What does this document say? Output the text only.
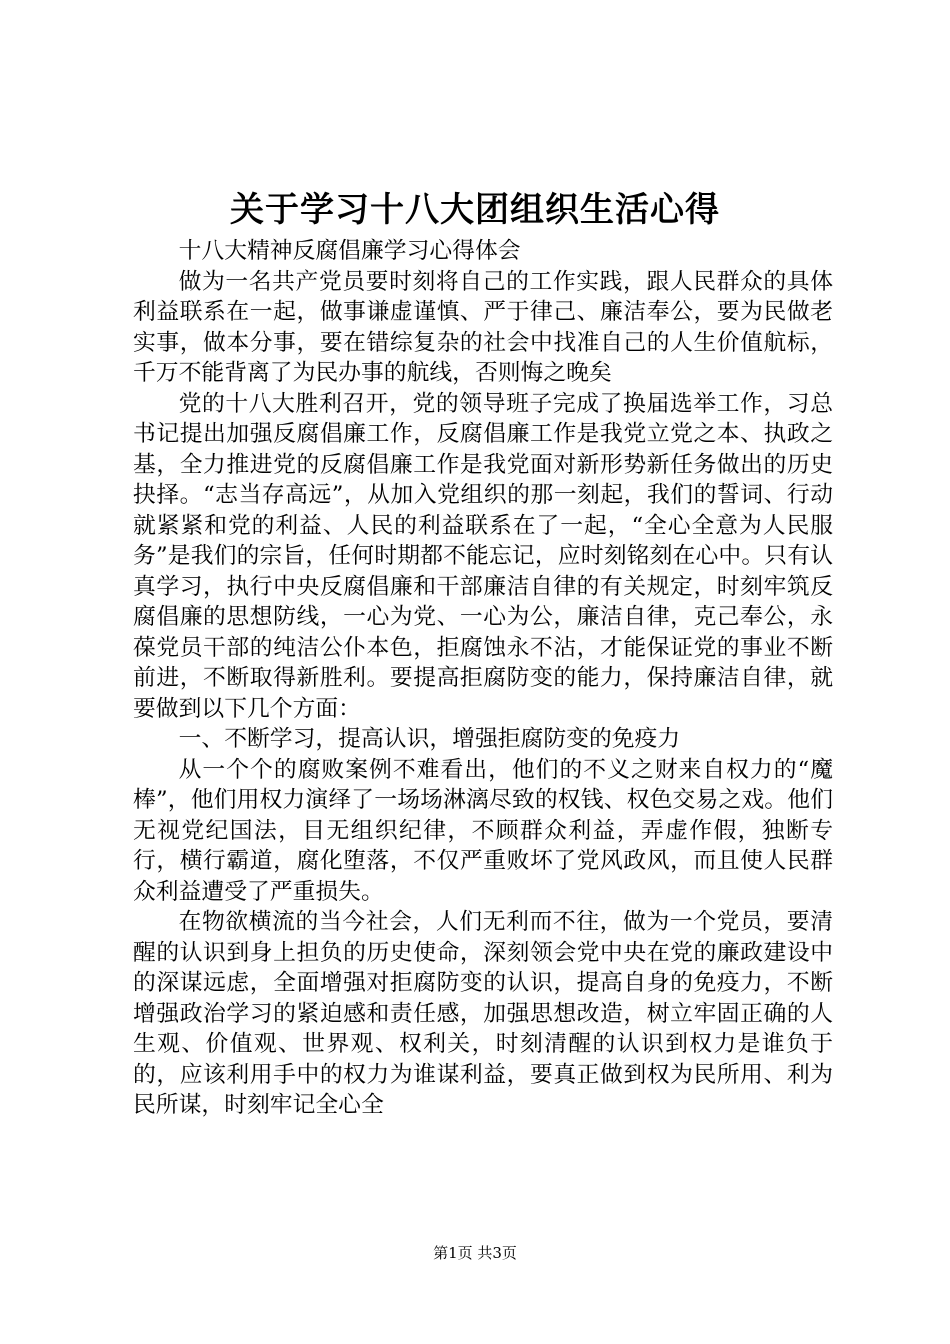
关于学习十八大团组织生活心得

十八大精神反腐倡廉学习心得体会

做为一名共产党员要时刻将自己的工作实践，跟人民群众的具体利益联系在一起，做事谦虚谨慎、严于律己、廉洁奉公，要为民做老实事，做本分事，要在错综复杂的社会中找准自己的人生价值航标，千万不能背离了为民办事的航线，否则悔之晚矣

党的十八大胜利召开，党的领导班子完成了换届选举工作，习总书记提出加强反腐倡廉工作，反腐倡廉工作是我党立党之本、执政之基，全力推进党的反腐倡廉工作是我党面对新形势新任务做出的历史抉择。“志当存高远”，从加入党组织的那一刻起，我们的誓词、行动就紧紧和党的利益、人民的利益联系在了一起，“全心全意为人民服务”是我们的宗旨，任何时期都不能忘记，应时刻铭刻在心中。只有认真学习，执行中央反腐倡廉和干部廉洁自律的有关规定，时刻牢筑反腐倡廉的思想防线，一心为党、一心为公，廉洁自律，克己奉公，永葆党员干部的纯洁公仆本色，拒腐蚀永不沾，才能保证党的事业不断前进，不断取得新胜利。要提高拒腐防变的能力，保持廉洁自律，就要做到以下几个方面：

一、不断学习，提高认识，增强拒腐防变的免疫力

从一个个的腐败案例不难看出，他们的不义之财来自权力的“魔棒”，他们用权力演绎了一场场淋漓尽致的权钱、权色交易之戏。他们无视党纪国法，目无组织纪律，不顾群众利益，弄虚作假，独断专行，横行霸道，腐化堕落，不仅严重败坏了党风政风，而且使人民群众利益遭受了严重损失。

在物欲横流的当今社会，人们无利而不往，做为一个党员，要清醒的认识到身上担负的历史使命，深刻领会党中央在党的廉政建设中的深谋远虑，全面增强对拒腐防变的认识，提高自身的免疫力，不断增强政治学习的紧迫感和责任感，加强思想改造，树立牢固正确的人生观、价值观、世界观、权利关，时刻清醒的认识到权力是谁负于的，应该利用手中的权力为谁谋利益，要真正做到权为民所用、利为民所谋，时刻牢记全心全

第1页 共3页
